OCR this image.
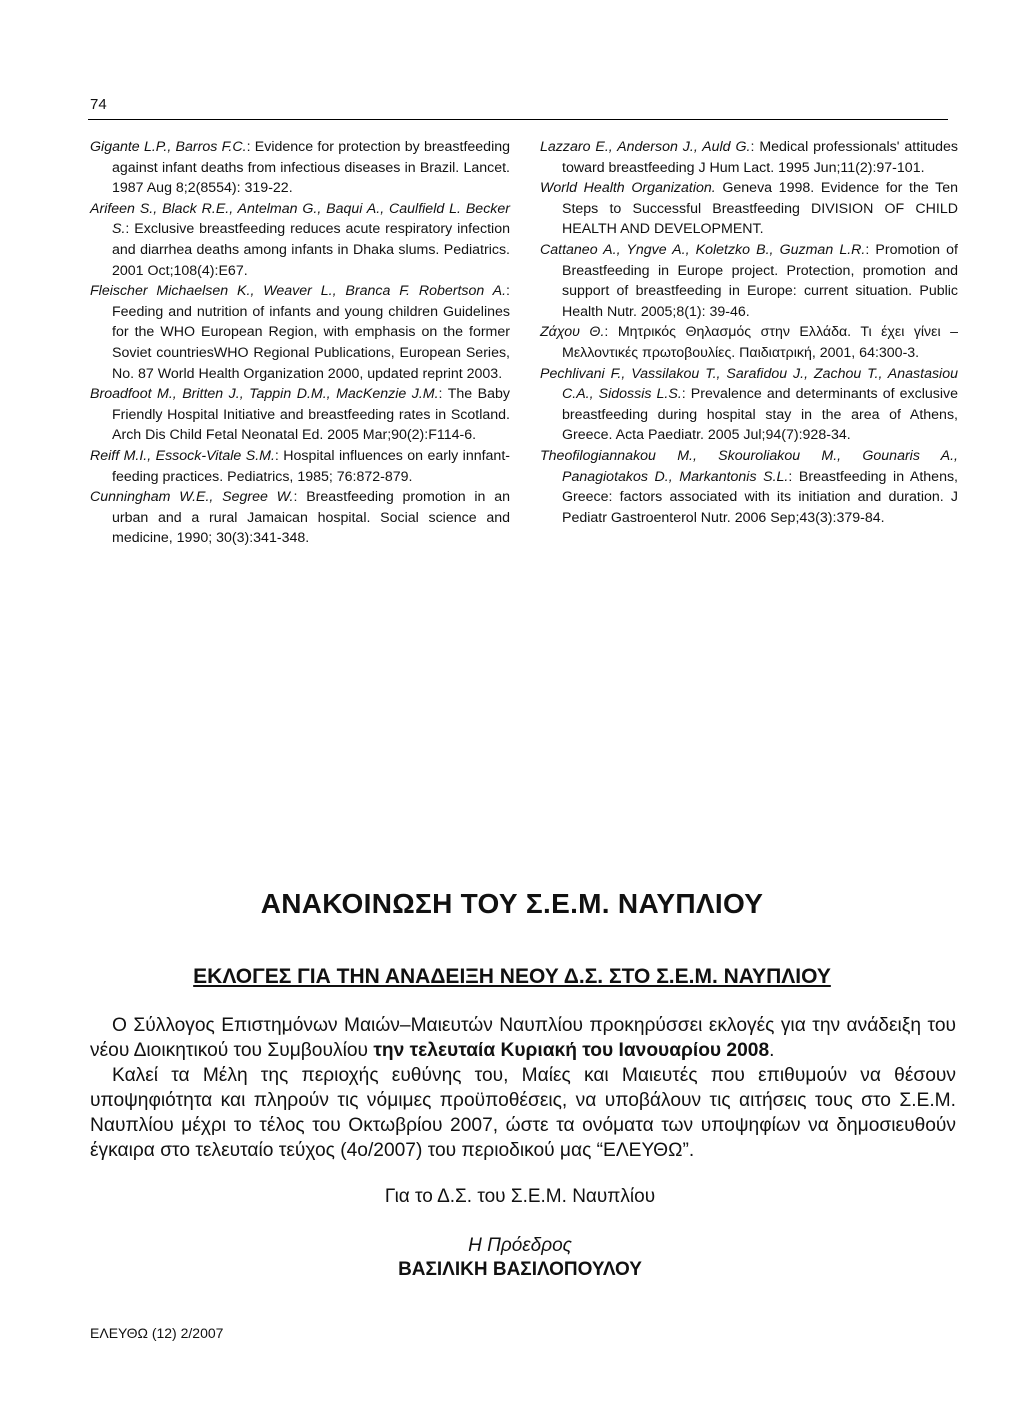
74

Gigante L.P., Barros F.C.: Evidence for protection by breastfeeding against infant deaths from infectious diseases in Brazil. Lancet. 1987 Aug 8;2(8554): 319-22.

Arifeen S., Black R.E., Antelman G., Baqui A., Caulfield L. Becker S.: Exclusive breastfeeding reduces acute respiratory infection and diarrhea deaths among infants in Dhaka slums. Pediatrics. 2001 Oct;108(4):E67.

Fleischer Michaelsen K., Weaver L., Branca F. Robertson A.: Feeding and nutrition of infants and young children Guidelines for the WHO European Region, with emphasis on the former Soviet countriesWHO Regional Publications, European Series, No. 87 World Health Organization 2000, updated reprint 2003.

Broadfoot M., Britten J., Tappin D.M., MacKenzie J.M.: The Baby Friendly Hospital Initiative and breastfeeding rates in Scotland. Arch Dis Child Fetal Neonatal Ed. 2005 Mar;90(2):F114-6.

Reiff M.I., Essock-Vitale S.M.: Hospital influences on early innfant-feeding practices. Pediatrics, 1985; 76:872-879.

Cunningham W.E., Segree W.: Breastfeeding promotion in an urban and a rural Jamaican hospital. Social science and medicine, 1990; 30(3):341-348.

Lazzaro E., Anderson J., Auld G.: Medical professionals' attitudes toward breastfeeding J Hum Lact. 1995 Jun;11(2):97-101.

World Health Organization. Geneva 1998. Evidence for the Ten Steps to Successful Breastfeeding DIVISION OF CHILD HEALTH AND DEVELOPMENT.

Cattaneo A., Yngve A., Koletzko B., Guzman L.R.: Promotion of Breastfeeding in Europe project. Protection, promotion and support of breastfeeding in Europe: current situation. Public Health Nutr. 2005;8(1): 39-46.

Ζάχου Θ.: Μητρικός Θηλασμός στην Ελλάδα. Τι έχει γίνει – Μελλοντικές πρωτοβουλίες. Παιδιατρική, 2001, 64:300-3.

Pechlivani F., Vassilakou T., Sarafidou J., Zachou T., Anastasiou C.A., Sidossis L.S.: Prevalence and determinants of exclusive breastfeeding during hospital stay in the area of Athens, Greece. Acta Paediatr. 2005 Jul;94(7):928-34.

Theofilogiannakou M., Skouroliakou M., Gounaris A., Panagiotakos D., Markantonis S.L.: Breastfeeding in Athens, Greece: factors associated with its initiation and duration. J Pediatr Gastroenterol Nutr. 2006 Sep;43(3):379-84.

ΑΝΑΚΟΙΝΩΣΗ ΤΟΥ Σ.Ε.Μ. ΝΑΥΠΛΙΟΥ
ΕΚΛΟΓΕΣ ΓΙΑ ΤΗΝ ΑΝΑΔΕΙΞΗ ΝΕΟΥ Δ.Σ. ΣΤΟ Σ.Ε.Μ. ΝΑΥΠΛΙΟΥ

Ο Σύλλογος Επιστημόνων Μαιών–Μαιευτών Ναυπλίου προκηρύσσει εκλογές για την ανάδειξη του νέου Διοικητικού του Συμβουλίου την τελευταία Κυριακή του Ιανουαρίου 2008.

Καλεί τα Μέλη της περιοχής ευθύνης του, Μαίες και Μαιευτές που επιθυμούν να θέσουν υποψηφιότητα και πληρούν τις νόμιμες προϋποθέσεις, να υποβάλουν τις αιτήσεις τους στο Σ.Ε.Μ. Ναυπλίου μέχρι το τέλος του Οκτωβρίου 2007, ώστε τα ονόματα των υποψηφίων να δημοσιευθούν έγκαιρα στο τελευταίο τεύχος (4ο/2007) του περιοδικού μας “ΕΛΕΥΘΩ”.

Για το Δ.Σ. του Σ.Ε.Μ. Ναυπλίου

Η Πρόεδρος

ΒΑΣΙΛΙΚΗ ΒΑΣΙΛΟΠΟΥΛΟΥ

ΕΛΕΥΘΩ (12) 2/2007
